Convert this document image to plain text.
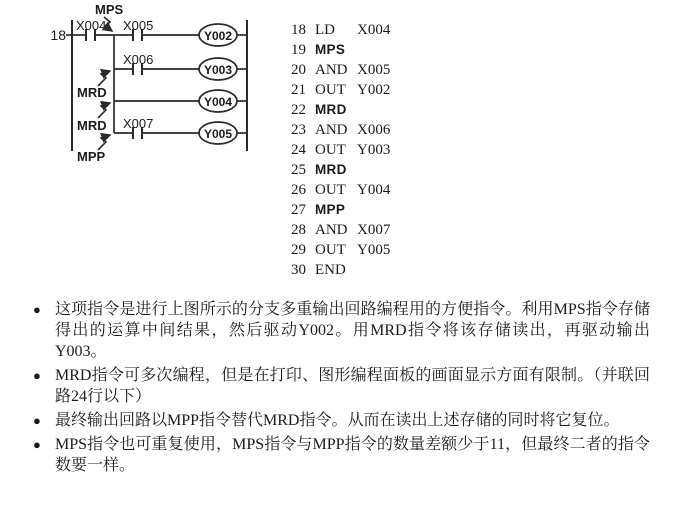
18
X004 X005
Y002
MPS
X006
Y003
MRD
Y004
MRD X007
Y005
MPP
18 LD	X004
19 MPS
20 AND X005
21 OUT Y002
22 MRD
23 AND X006
24 OUT Y003
25 MRD
26 OUT Y004
27 MPP
28 AND X007
29 OUT Y005
30 END
● 这项指令是进行上图所示的分支多重输出回路编程用的方便指令。利用MPS指令存储得出的运算中间结果，然后驱动Y002。用MRD指令将该存储读出，再驱动输出Y003。

● MRD指令可多次编程，但是在打印、图形编程面板的画面显示方面有限制。（并联回路24行以下）

● 最终输出回路以MPP指令替代MRD指令。从而在读出上述存储的同时将它复位。

● MPS指令也可重复使用，MPS指令与MPP指令的数量差额少于11，但最终二者的指令数要一样。
